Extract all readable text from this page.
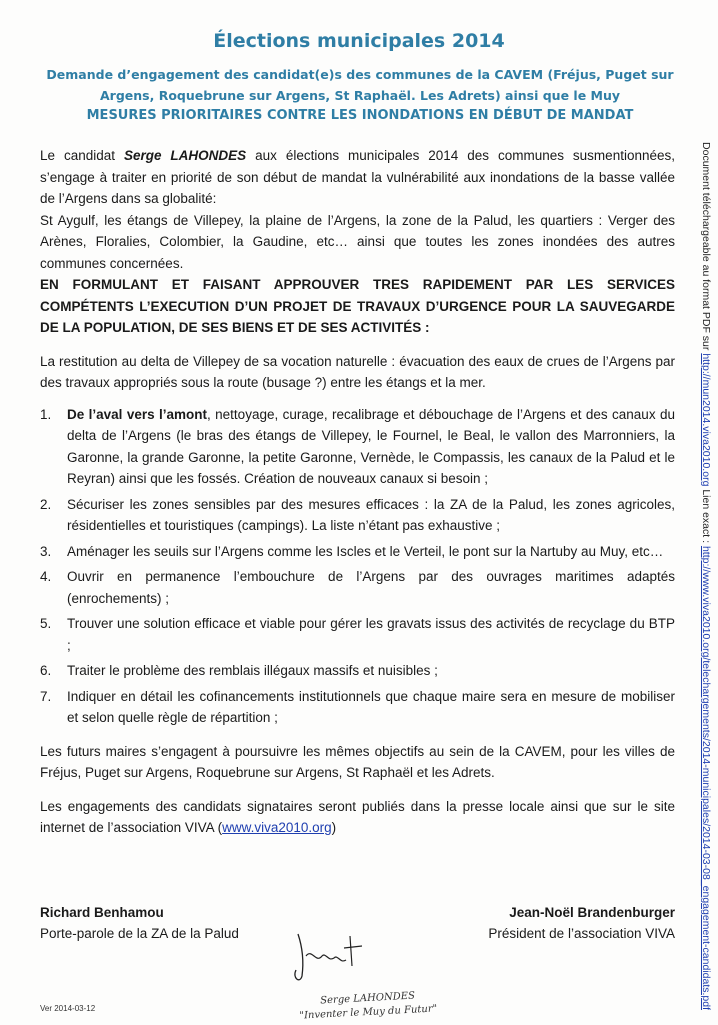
Élections municipales 2014
Demande d’engagement des candidat(e)s des communes de la CAVEM (Fréjus, Puget sur
Argens, Roquebrune sur Argens, St Raphaël. Les Adrets) ainsi que le Muy
MESURES PRIORITAIRES CONTRE LES INONDATIONS EN DÉBUT DE MANDAT
Document téléchargeable au format PDF sur http://mun2014.viva2010.org Lien exact : http://www.viva2010.org/telechargements/2014-municipales/2014-03-08_engagement-candidats.pdf

Le candidat Serge LAHONDES aux élections municipales 2014 des communes susmentionnées, s’engage à traiter en priorité de son début de mandat la vulnérabilité aux inondations de la basse vallée de l’Argens dans sa globalité:

St Aygulf, les étangs de Villepey, la plaine de l’Argens, la zone de la Palud, les quartiers : Verger des Arènes, Floralies, Colombier, la Gaudine, etc… ainsi que toutes les zones inondées des autres communes concernées.

EN FORMULANT ET FAISANT APPROUVER TRES RAPIDEMENT PAR LES SERVICES COMPÉTENTS L’EXECUTION D’UN PROJET DE TRAVAUX D’URGENCE POUR LA SAUVEGARDE DE LA POPULATION, DE SES BIENS ET DE SES ACTIVITÉS :

La restitution au delta de Villepey de sa vocation naturelle : évacuation des eaux de crues de l’Argens par des travaux appropriés sous la route (busage ?) entre les étangs et la mer.

1.	De l’aval vers l’amont, nettoyage, curage, recalibrage et débouchage de l’Argens et des canaux du delta de l’Argens (le bras des étangs de Villepey, le Fournel, le Beal, le vallon des Marronniers, la Garonne, la grande Garonne, la petite Garonne, Vernède, le Compassis, les canaux de la Palud et le Reyran) ainsi que les fossés. Création de nouveaux canaux si besoin ;
2.	Sécuriser les zones sensibles par des mesures efficaces : la ZA de la Palud, les zones agricoles, résidentielles et touristiques (campings). La liste n’étant pas exhaustive ;
3.	Aménager les seuils sur l’Argens comme les Iscles et le Verteil, le pont sur la Nartuby au Muy, etc…
4.	Ouvrir en permanence l’embouchure de l’Argens par des ouvrages maritimes adaptés (enrochements) ;
5.	Trouver une solution efficace et viable pour gérer les gravats issus des activités de recyclage du BTP ;
6.	Traiter le problème des remblais illégaux massifs et nuisibles ;
7.	Indiquer en détail les cofinancements institutionnels que chaque maire sera en mesure de mobiliser et selon quelle règle de répartition ;

Les futurs maires s’engagent à poursuivre les mêmes objectifs au sein de la CAVEM, pour les villes de Fréjus, Puget sur Argens, Roquebrune sur Argens, St Raphaël et les Adrets.

Les engagements des candidats signataires seront publiés dans la presse locale ainsi que sur le site internet de l’association VIVA (www.viva2010.org)

Richard Benhamou
Porte-parole de la ZA de la Palud
Jean-Noël Brandenburger
Président de l’association VIVA
Serge LAHONDES
"Inventer le Muy du Futur"
Ver 2014-03-12
